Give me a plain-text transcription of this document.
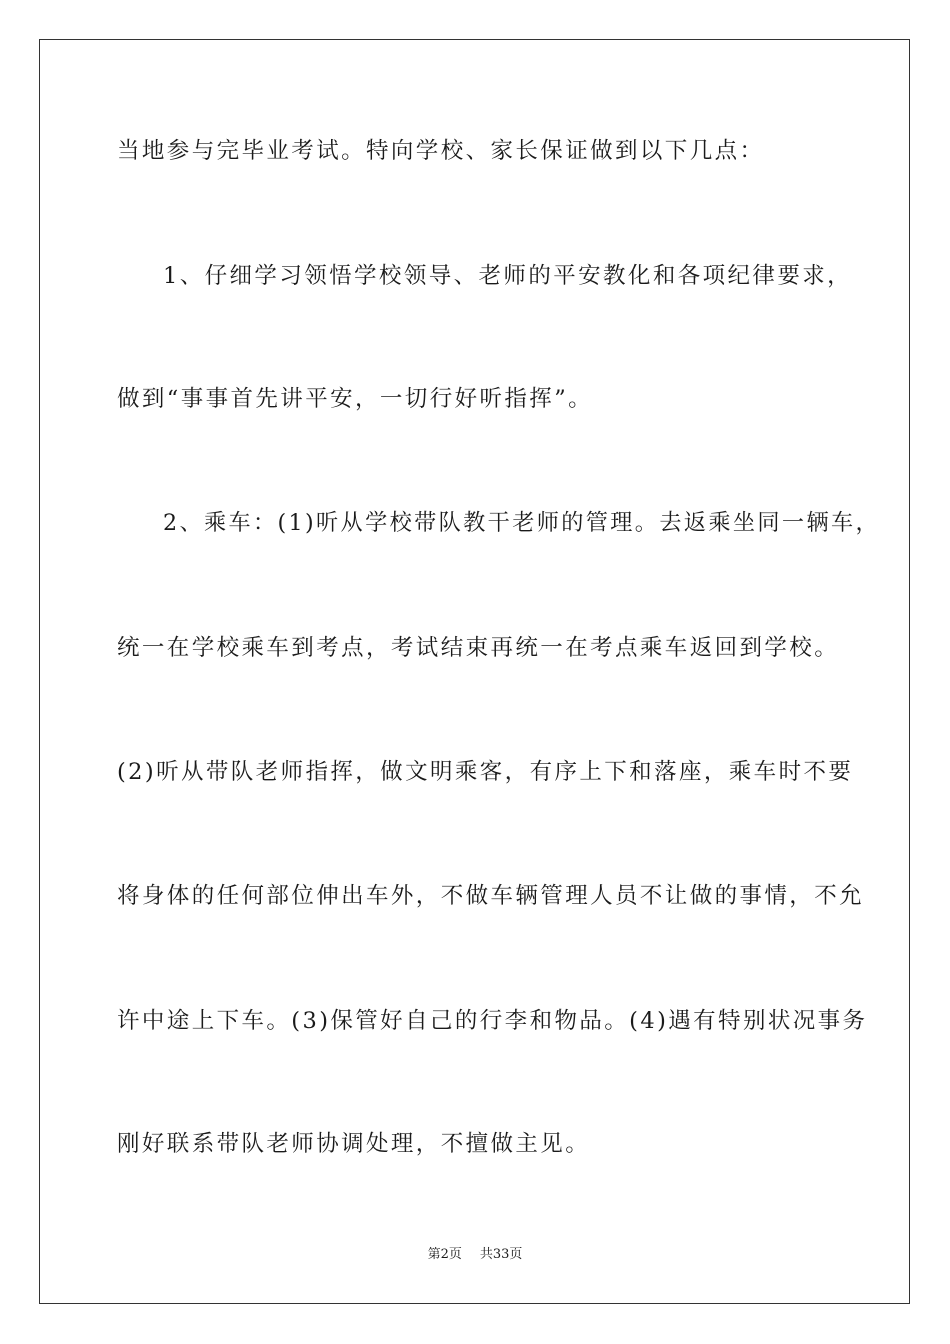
当地参与完毕业考试。特向学校、家长保证做到以下几点：
1、仔细学习领悟学校领导、老师的平安教化和各项纪律要求，
做到“事事首先讲平安，一切行好听指挥”。
2、乘车：(1)听从学校带队教干老师的管理。去返乘坐同一辆车，
统一在学校乘车到考点，考试结束再统一在考点乘车返回到学校。
(2)听从带队老师指挥，做文明乘客，有序上下和落座，乘车时不要
将身体的任何部位伸出车外，不做车辆管理人员不让做的事情，不允
许中途上下车。(3)保管好自己的行李和物品。(4)遇有特别状况事务
刚好联系带队老师协调处理，不擅做主见。
第2页 共33页
